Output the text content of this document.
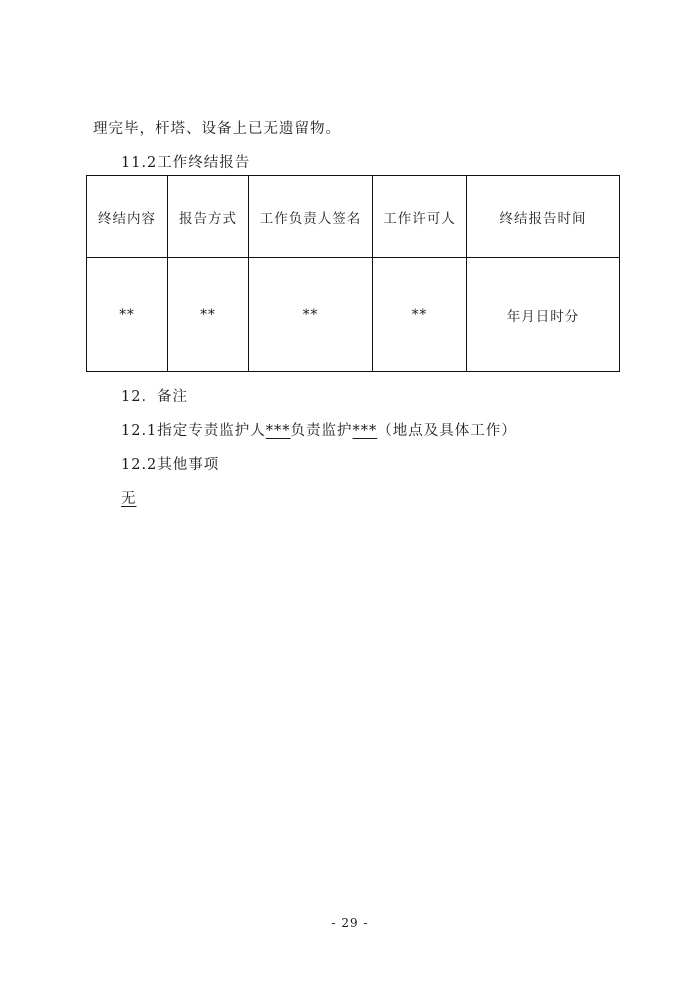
理完毕，杆塔、设备上已无遗留物。
11.2工作终结报告
终结内容	报告方式	工作负责人签名	工作许可人	终结报告时间
**	**	**	**	年月日时分
12．备注
12.1指定专责监护人***负责监护***（地点及具体工作）
12.2其他事项
无
- 29 -
